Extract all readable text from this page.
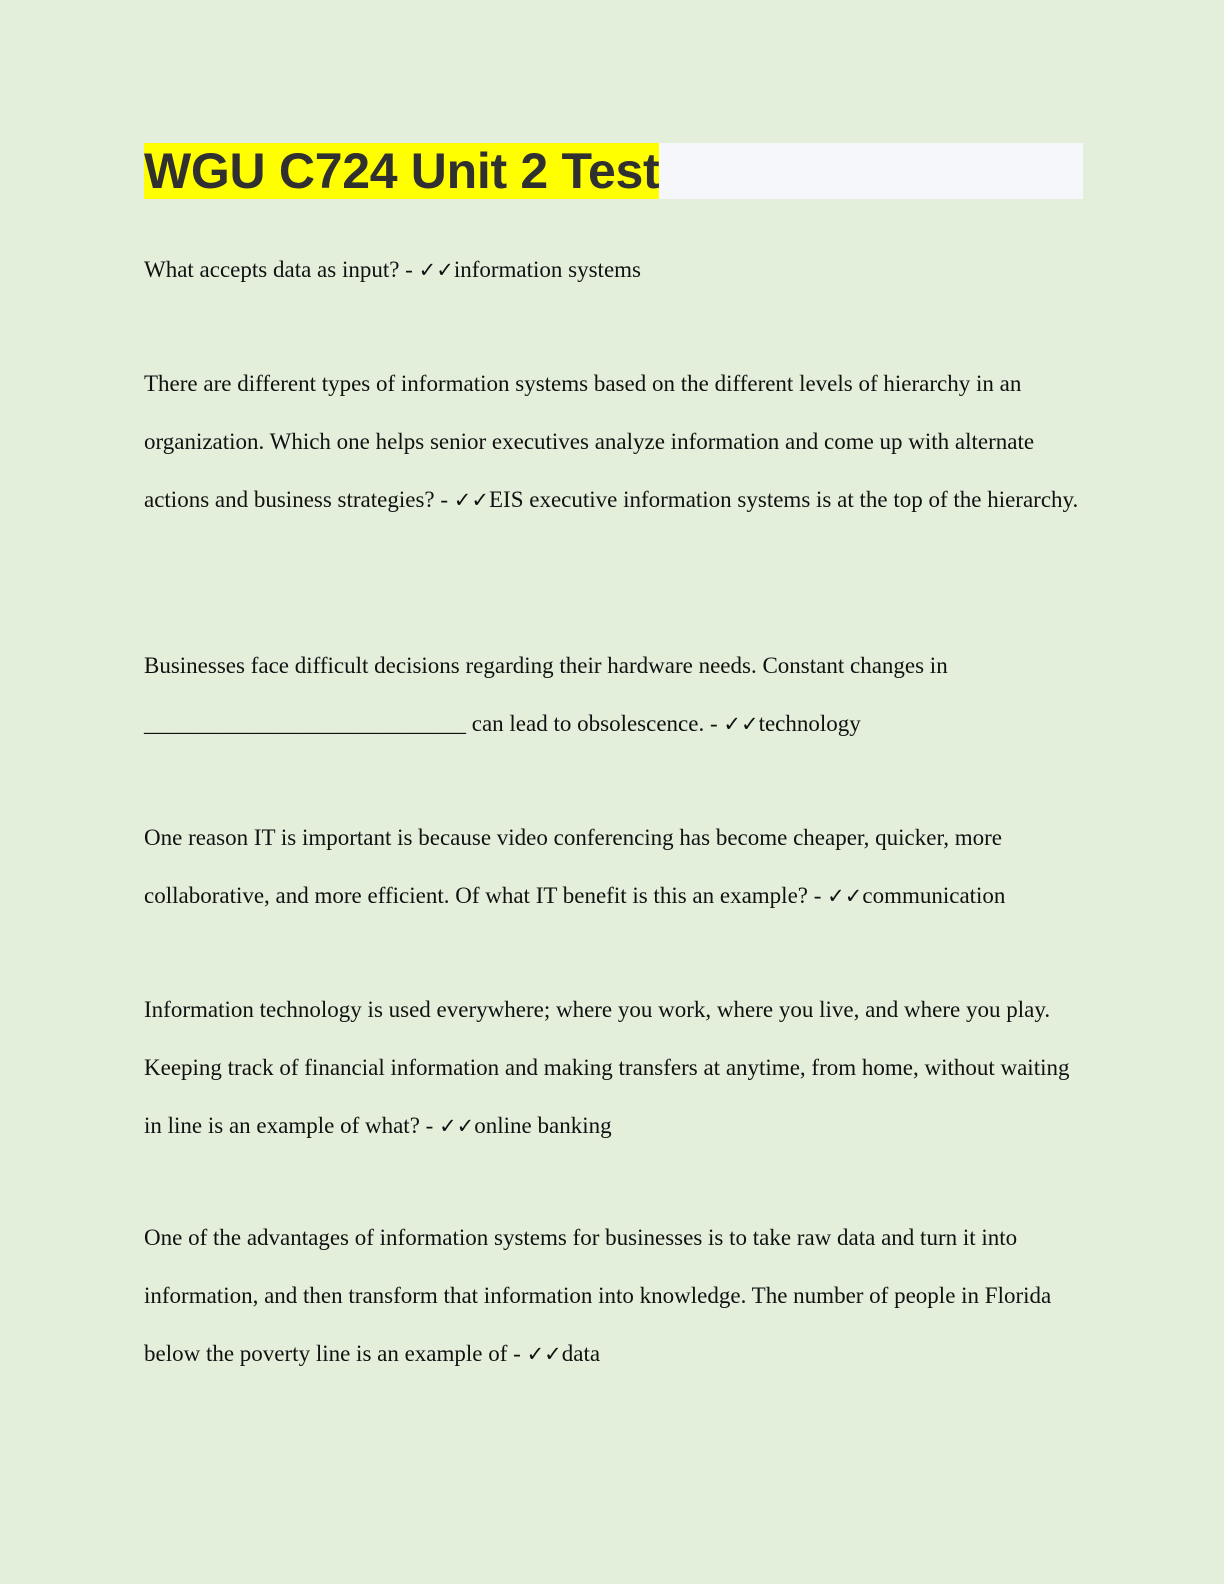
WGU C724 Unit 2 Test

What accepts data as input? - ✓✓information systems

There are different types of information systems based on the different levels of hierarchy in an organization. Which one helps senior executives analyze information and come up with alternate actions and business strategies? - ✓✓EIS executive information systems is at the top of the hierarchy.

Businesses face difficult decisions regarding their hardware needs. Constant changes in ____________________________ can lead to obsolescence. - ✓✓technology

One reason IT is important is because video conferencing has become cheaper, quicker, more collaborative, and more efficient. Of what IT benefit is this an example? - ✓✓communication

Information technology is used everywhere; where you work, where you live, and where you play. Keeping track of financial information and making transfers at anytime, from home, without waiting in line is an example of what? - ✓✓online banking

One of the advantages of information systems for businesses is to take raw data and turn it into information, and then transform that information into knowledge. The number of people in Florida below the poverty line is an example of - ✓✓data
